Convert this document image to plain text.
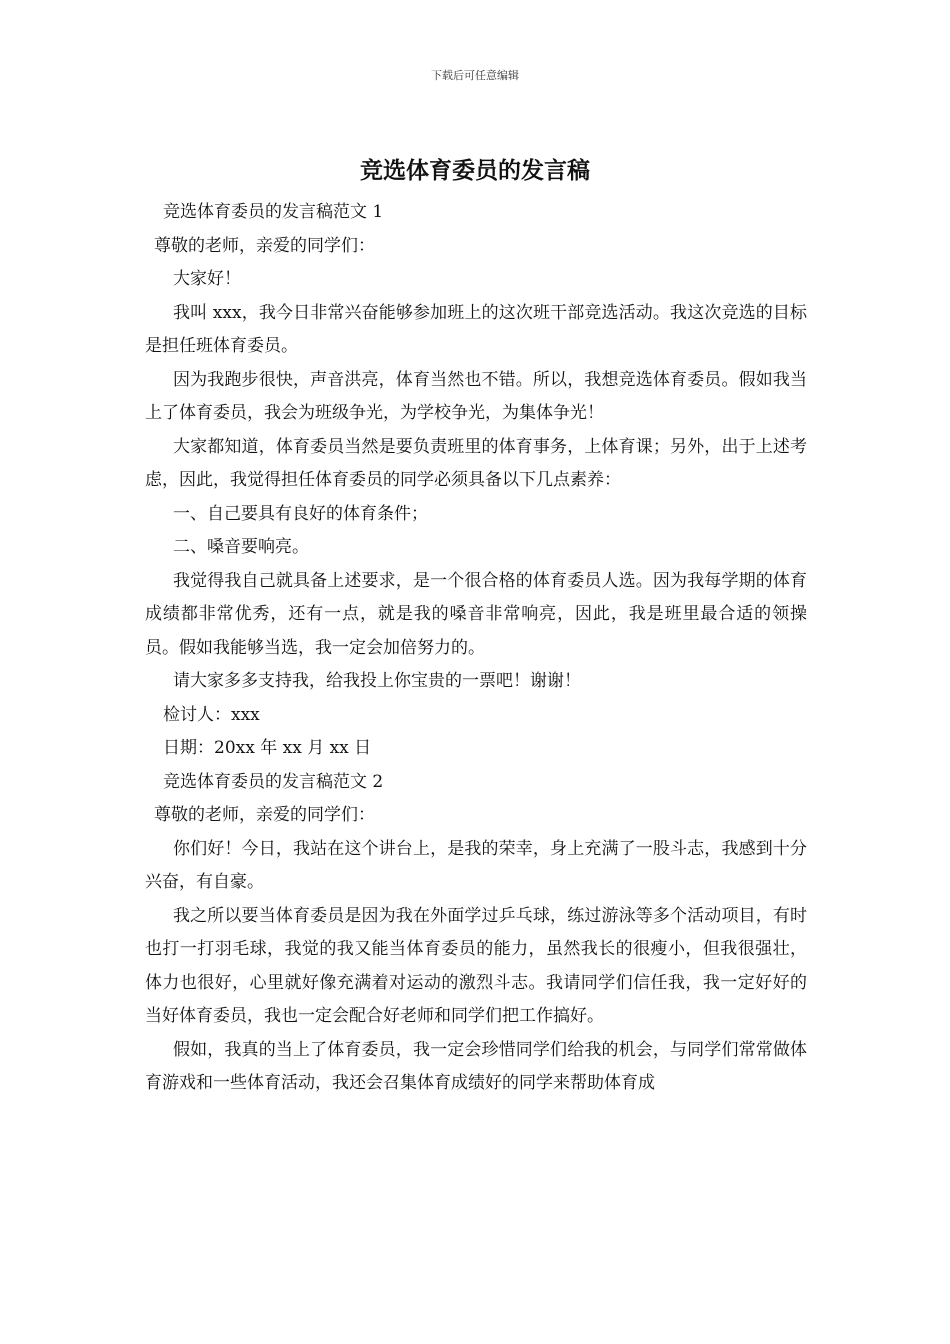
下载后可任意编辑
竞选体育委员的发言稿

竞选体育委员的发言稿范文 1

尊敬的老师，亲爱的同学们：

大家好！

我叫 xxx，我今日非常兴奋能够参加班上的这次班干部竞选活动。我这次竞选的目标是担任班体育委员。

因为我跑步很快，声音洪亮，体育当然也不错。所以，我想竞选体育委员。假如我当上了体育委员，我会为班级争光，为学校争光，为集体争光！

大家都知道，体育委员当然是要负责班里的体育事务，上体育课；另外，出于上述考虑，因此，我觉得担任体育委员的同学必须具备以下几点素养：

一、自己要具有良好的体育条件；

二、嗓音要响亮。

我觉得我自己就具备上述要求，是一个很合格的体育委员人选。因为我每学期的体育成绩都非常优秀，还有一点，就是我的嗓音非常响亮，因此，我是班里最合适的领操员。假如我能够当选，我一定会加倍努力的。

请大家多多支持我，给我投上你宝贵的一票吧！谢谢！

检讨人：xxx

日期：20xx 年 xx 月 xx 日

竞选体育委员的发言稿范文 2

尊敬的老师，亲爱的同学们：

你们好！今日，我站在这个讲台上，是我的荣幸，身上充满了一股斗志，我感到十分兴奋，有自豪。

我之所以要当体育委员是因为我在外面学过乒乓球，练过游泳等多个活动项目，有时也打一打羽毛球，我觉的我又能当体育委员的能力，虽然我长的很瘦小，但我很强壮，体力也很好，心里就好像充满着对运动的激烈斗志。我请同学们信任我，我一定好好的当好体育委员，我也一定会配合好老师和同学们把工作搞好。

假如，我真的当上了体育委员，我一定会珍惜同学们给我的机会，与同学们常常做体育游戏和一些体育活动，我还会召集体育成绩好的同学来帮助体育成
